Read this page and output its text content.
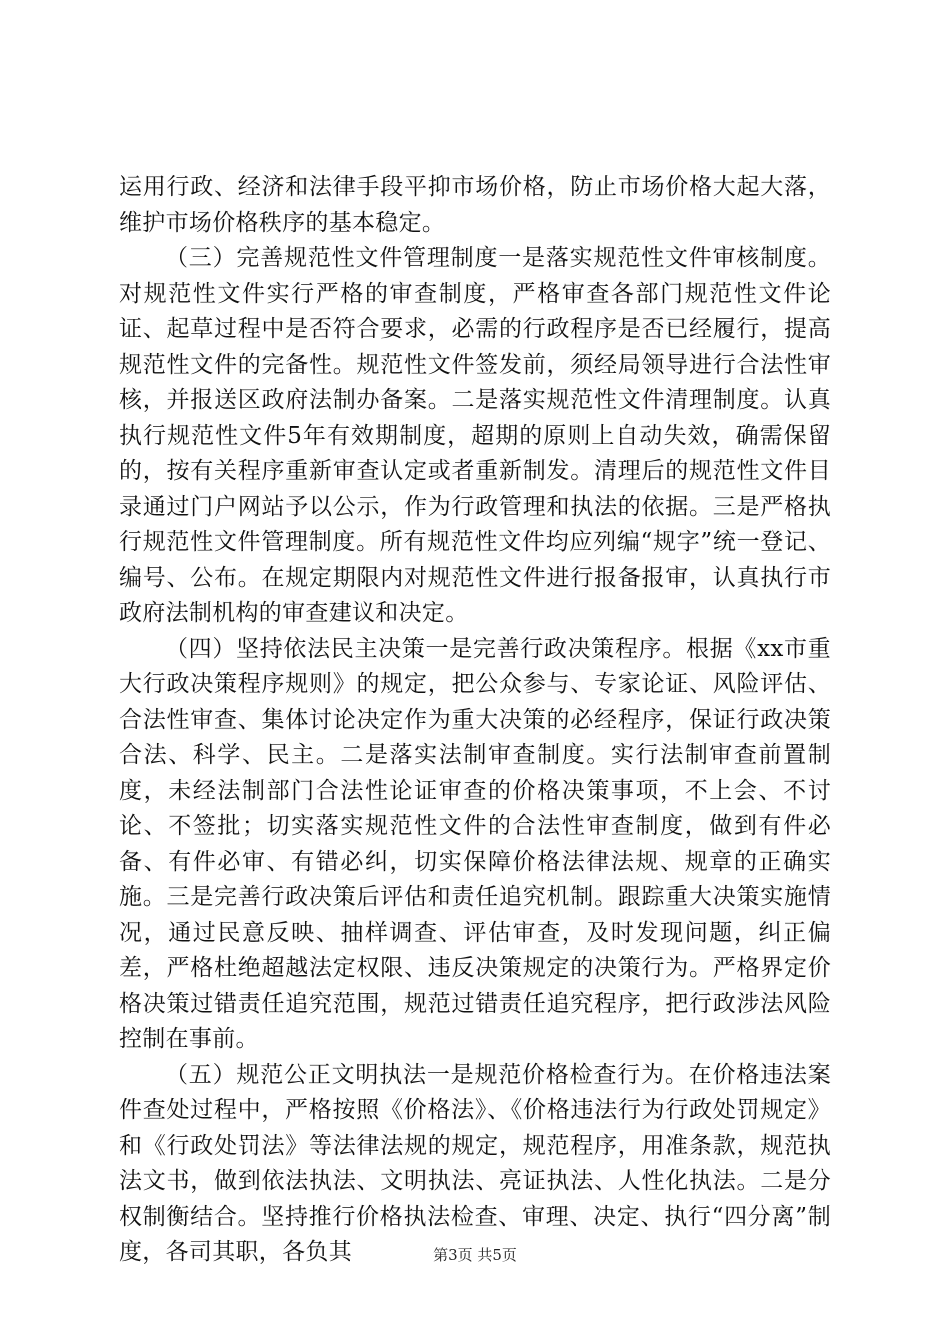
运用行政、经济和法律手段平抑市场价格，防止市场价格大起大落，维护市场价格秩序的基本稳定。

（三）完善规范性文件管理制度一是落实规范性文件审核制度。对规范性文件实行严格的审查制度，严格审查各部门规范性文件论证、起草过程中是否符合要求，必需的行政程序是否已经履行，提高规范性文件的完备性。规范性文件签发前，须经局领导进行合法性审核，并报送区政府法制办备案。二是落实规范性文件清理制度。认真执行规范性文件5年有效期制度，超期的原则上自动失效，确需保留的，按有关程序重新审查认定或者重新制发。清理后的规范性文件目录通过门户网站予以公示，作为行政管理和执法的依据。三是严格执行规范性文件管理制度。所有规范性文件均应列编“规字”统一登记、编号、公布。在规定期限内对规范性文件进行报备报审，认真执行市政府法制机构的审查建议和决定。

（四）坚持依法民主决策一是完善行政决策程序。根据《xx市重大行政决策程序规则》的规定，把公众参与、专家论证、风险评估、合法性审查、集体讨论决定作为重大决策的必经程序，保证行政决策合法、科学、民主。二是落实法制审查制度。实行法制审查前置制度，未经法制部门合法性论证审查的价格决策事项，不上会、不讨论、不签批；切实落实规范性文件的合法性审查制度，做到有件必备、有件必审、有错必纠，切实保障价格法律法规、规章的正确实施。三是完善行政决策后评估和责任追究机制。跟踪重大决策实施情况，通过民意反映、抽样调查、评估审查，及时发现问题，纠正偏差，严格杜绝超越法定权限、违反决策规定的决策行为。严格界定价格决策过错责任追究范围，规范过错责任追究程序，把行政涉法风险控制在事前。

（五）规范公正文明执法一是规范价格检查行为。在价格违法案件查处过程中，严格按照《价格法》、《价格违法行为行政处罚规定》和《行政处罚法》等法律法规的规定，规范程序，用准条款，规范执法文书，做到依法执法、文明执法、亮证执法、人性化执法。二是分权制衡结合。坚持推行价格执法检查、审理、决定、执行“四分离”制度，各司其职，各负其	第3页 共5页
